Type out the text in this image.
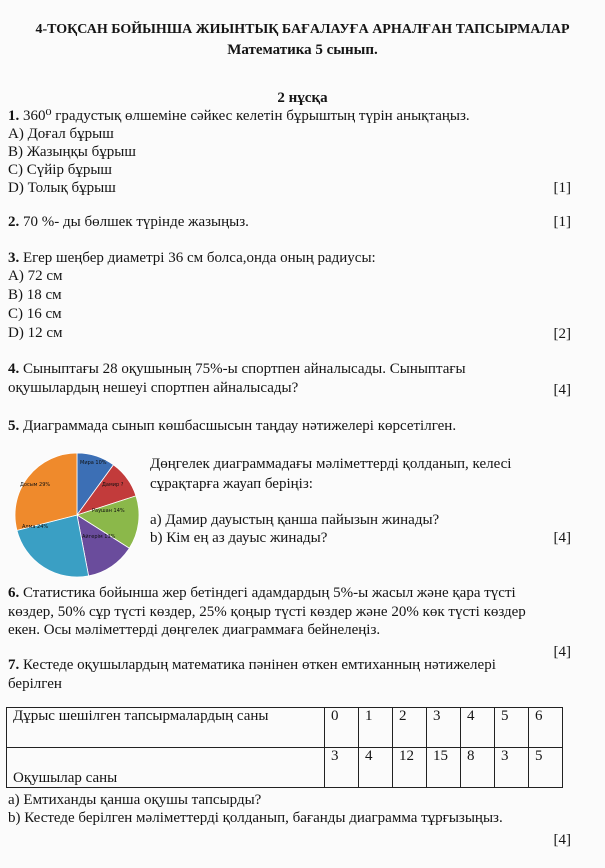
4-ТОҚСАН БОЙЫНША ЖИЫНТЫҚ БАҒАЛАУҒА АРНАЛҒАН ТАПСЫРМАЛАР
Математика 5 сынып.
2 нұсқа
1. 360⁰ градустық өлшеміне сәйкес келетін бұрыштың түрін анықтаңыз.
A) Доғал бұрыш
B) Жазыңқы бұрыш
C) Сүйір бұрыш
D) Толық бұрыш	[1]
2. 70 %- ды бөлшек түрінде жазыңыз.	[1]
3. Егер шеңбер диаметрі 36 см болса,онда оның радиусы:
A) 72 см
B) 18 см
C) 16 см
D) 12 см	[2]
4. Сыныптағы 28 оқушының 75%-ы спортпен айналысады. Сыныптағы
оқушылардың нешеуі спортпен айналысады?	[4]
5. Диаграммада сынып көшбасшысын таңдау нәтижелері көрсетілген.
Мира 10%
Дамир ?
Раушан 14%
Айгерім 13%
Алма 24%
Досым 29%
Дөңгелек диаграммадағы мәліметтерді қолданып, келесі
сұрақтарға жауап беріңіз:
a) Дамир дауыстың қанша пайызын жинады?
b) Кім ең аз дауыс жинады?	[4]
6. Статистика бойынша жер бетіндегі адамдардың 5%-ы жасыл және қара түсті
көздер, 50% сұр түсті көздер, 25% қоңыр түсті көздер және 20% көк түсті көздер
екен. Осы мәліметтерді дөңгелек диаграммаға бейнелеңіз.
[4]
7. Кестеде оқушылардың математика пәнінен өткен емтиханның нәтижелері
берілген
Дұрыс шешілген тапсырмалардың саны	0	1	2	3	4	5	6
Оқушылар саны	3	4	12	15	8	3	5
a) Емтиханды қанша оқушы тапсырды?
b) Кестеде берілген мәліметтерді қолданып, бағанды диаграмма тұрғызыңыз.
[4]
